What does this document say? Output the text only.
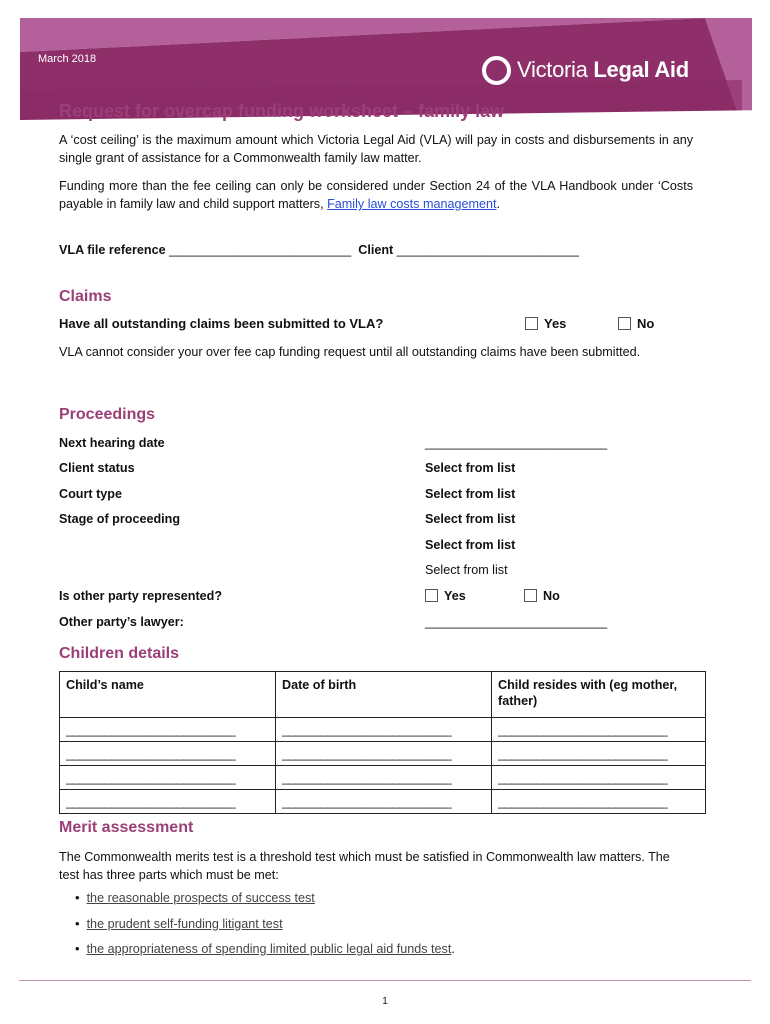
March 2018	Victoria Legal Aid
Request for overcap funding worksheet – family law
A ‘cost ceiling’ is the maximum amount which Victoria Legal Aid (VLA) will pay in costs and disbursements in any single grant of assistance for a Commonwealth family law matter.
Funding more than the fee ceiling can only be considered under Section 24 of the VLA Handbook under ‘Costs payable in family law and child support matters, Family law costs management.
VLA file reference __________________________ Client __________________________
Claims
Have all outstanding claims been submitted to VLA?	Yes	No
VLA cannot consider your over fee cap funding request until all outstanding claims have been submitted.
Proceedings
Next hearing date	__________________________
Client status	Select from list
Court type	Select from list
Stage of proceeding	Select from list
Select from list
Select from list
Is other party represented?	Yes	No
Other party’s lawyer:	__________________________
Children details
Child’s name	Date of birth	Child resides with (eg mother, father)
__________________________	__________________________	__________________________
__________________________	__________________________	__________________________
__________________________	__________________________	__________________________
__________________________	__________________________	__________________________
Merit assessment
The Commonwealth merits test is a threshold test which must be satisfied in Commonwealth law matters. The test has three parts which must be met:
• the reasonable prospects of success test
• the prudent self-funding litigant test
• the appropriateness of spending limited public legal aid funds test.
1
